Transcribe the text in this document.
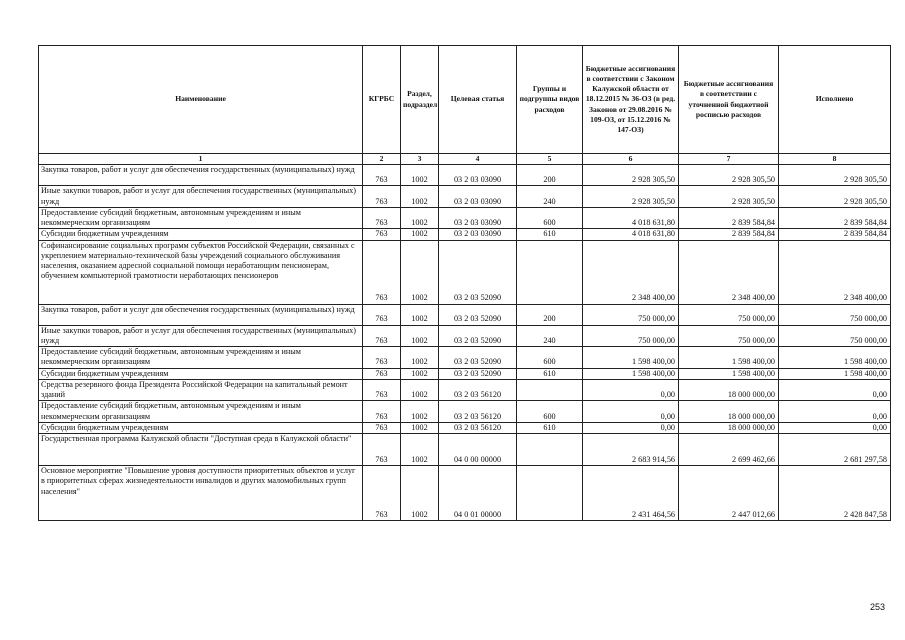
Наименование	КГРБС	Раздел, подраздел	Целевая статья	Группы и подгруппы видов расходов	Бюджетные ассигнования в соответствии с Законом Калужской области от 18.12.2015 № 36-ОЗ (в ред. Законов от 29.08.2016 № 109-ОЗ, от 15.12.2016 № 147-ОЗ)	Бюджетные ассигнования в соответствии с уточненной бюджетной росписью расходов	Исполнено
1	2	3	4	5	6	7	8
Закупка товаров, работ и услуг для обеспечения государственных (муниципальных) нужд	763	1002	03 2 03 03090	200	2 928 305,50	2 928 305,50	2 928 305,50
Иные закупки товаров, работ и услуг для обеспечения государственных (муниципальных) нужд	763	1002	03 2 03 03090	240	2 928 305,50	2 928 305,50	2 928 305,50
Предоставление субсидий бюджетным, автономным учреждениям и иным некоммерческим организациям	763	1002	03 2 03 03090	600	4 018 631,80	2 839 584,84	2 839 584,84
Субсидии бюджетным учреждениям	763	1002	03 2 03 03090	610	4 018 631,80	2 839 584,84	2 839 584,84
Софинансирование социальных программ субъектов Российской Федерации, связанных с укреплением материально-технической базы учреждений социального обслуживания населения, оказанием адресной социальной помощи неработающим пенсионерам, обучением компьютерной грамотности неработающих пенсионеров	763	1002	03 2 03 52090		2 348 400,00	2 348 400,00	2 348 400,00
Закупка товаров, работ и услуг для обеспечения государственных (муниципальных) нужд	763	1002	03 2 03 52090	200	750 000,00	750 000,00	750 000,00
Иные закупки товаров, работ и услуг для обеспечения государственных (муниципальных) нужд	763	1002	03 2 03 52090	240	750 000,00	750 000,00	750 000,00
Предоставление субсидий бюджетным, автономным учреждениям и иным некоммерческим организациям	763	1002	03 2 03 52090	600	1 598 400,00	1 598 400,00	1 598 400,00
Субсидии бюджетным учреждениям	763	1002	03 2 03 52090	610	1 598 400,00	1 598 400,00	1 598 400,00
Средства резервного фонда Президента Российской Федерации на капитальный ремонт зданий	763	1002	03 2 03 56120		0,00	18 000 000,00	0,00
Предоставление субсидий бюджетным, автономным учреждениям и иным некоммерческим организациям	763	1002	03 2 03 56120	600	0,00	18 000 000,00	0,00
Субсидии бюджетным учреждениям	763	1002	03 2 03 56120	610	0,00	18 000 000,00	0,00
Государственная программа Калужской области "Доступная среда в Калужской области"	763	1002	04 0 00 00000		2 683 914,56	2 699 462,66	2 681 297,58
Основное мероприятие "Повышение уровня доступности приоритетных объектов и услуг в приоритетных сферах жизнедеятельности инвалидов и других маломобильных групп населения"	763	1002	04 0 01 00000		2 431 464,56	2 447 012,66	2 428 847,58
253
